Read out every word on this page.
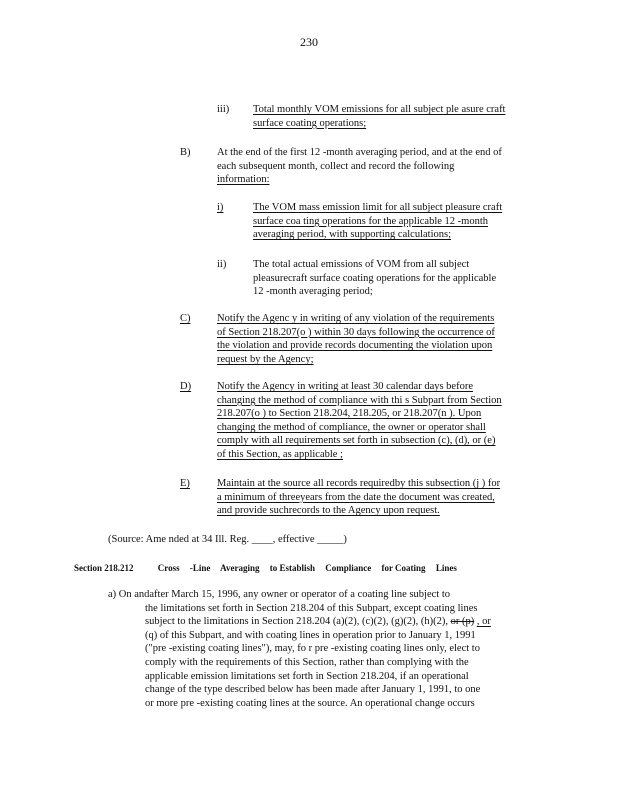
230
iii) Total monthly VOM emissions for all subject ple asure craft
surface coating operations;
B)	At the end of the first 12 -month averaging period, and at the end of
each subsequent month, collect and record the following
information:
i)	The VOM mass emission limit for all subject pleasure craft
surface coa ting operations for the applicable 12 -month
averaging period, with supporting calculations;
ii)	The total actual emissions of VOM from all subject
pleasurecraft surface coating operations for the applicable
12 -month averaging period;
C)	Notify the Agenc y in writing of any violation of the requirements
of Section 218.207(o ) within 30 days following the occurrence of
the violation and provide records documenting the violation upon
request by the Agency;
D) Notify the Agency in writing at least 30 calendar days before
changing the method of compliance with thi s Subpart from Section
218.207(o ) to Section 218.204, 218.205, or 218.207(n ). Upon
changing the method of compliance, the owner or operator shall
comply with all requirements set forth in subsection (c), (d), or (e)
of this Section, as applicable ;
E)	Maintain at the source all records requiredby this subsection (j ) for
a minimum of threeyears from the date the document was created,
and provide suchrecords to the Agency upon request.
(Source: Ame nded at 34 Ill. Reg. ____, effective _____)
Section 218.212	Cross -Line Averaging to Establish Compliance for Coating Lines
a) On andafter March 15, 1996, any owner or operator of a coating line subject to
the limitations set forth in Section 218.204 of this Subpart, except coating lines
subject to the limitations in Section 218.204 (a)(2), (c)(2), (g)(2), (h)(2), or (p) , or
(q) of this Subpart, and with coating lines in operation prior to January 1, 1991
("pre -existing coating lines"), may, fo r pre -existing coating lines only, elect to
comply with the requirements of this Section, rather than complying with the
applicable emission limitations set forth in Section 218.204, if an operational
change of the type described below has been made after January 1, 1991, to one
or more pre -existing coating lines at the source. An operational change occurs
